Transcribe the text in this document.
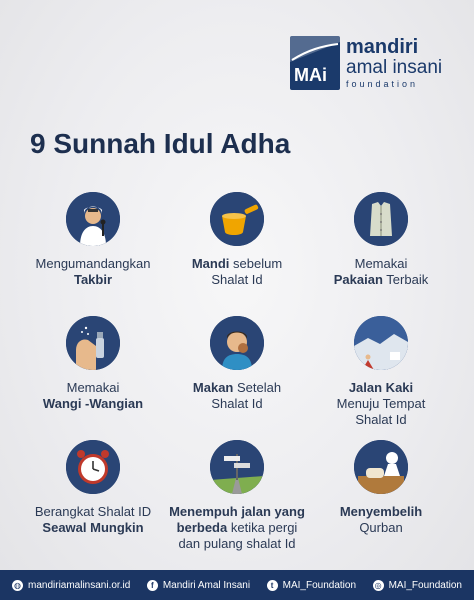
MAi
mandiri
amal insani
foundation
9 Sunnah Idul Adha
Mengumandangkan
Takbir
Mandi sebelum
Shalat Id
Memakai
Pakaian Terbaik
Memakai
Wangi -Wangian
Makan Setelah
Shalat Id
Jalan Kaki
Menuju Tempat
Shalat Id
Berangkat Shalat ID
Seawal Mungkin
Menempuh jalan yang
berbeda ketika pergi
dan pulang shalat Id
Menyembelih
Qurban
◍ mandiriamalinsani.or.id	f Mandiri Amal Insani	t MAI_Foundation ◎ MAI_Foundation
